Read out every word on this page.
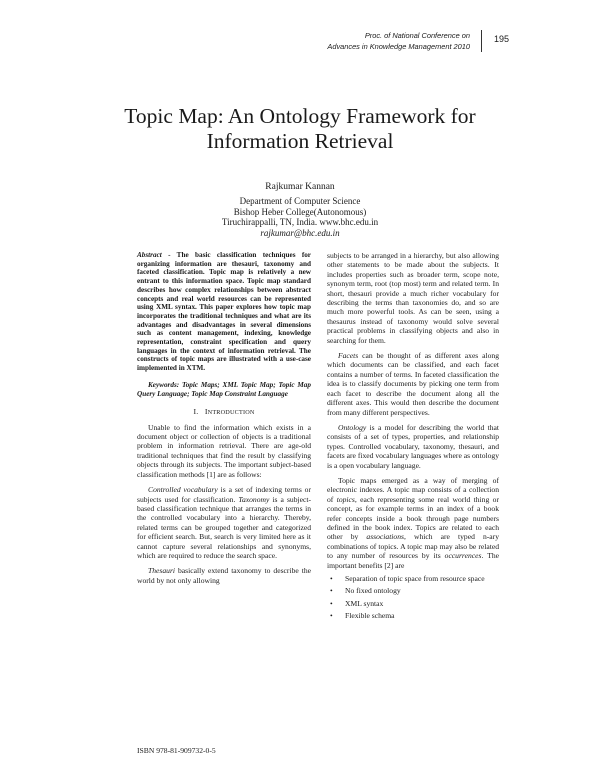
Proc. of National Conference on
Advances in Knowledge Management 2010
195
Topic Map: An Ontology Framework for
Information Retrieval
Rajkumar Kannan
Department of Computer Science
Bishop Heber College(Autonomous)
Tiruchirappalli, TN, India. www.bhc.edu.in
rajkumar@bhc.edu.in

Abstract - The basic classification techniques for organizing information are thesauri, taxonomy and faceted classification. Topic map is relatively a new entrant to this information space. Topic map standard describes how complex relationships between abstract concepts and real world resources can be represented using XML syntax. This paper explores how topic map incorporates the traditional techniques and what are its advantages and disadvantages in several dimensions such as content management, indexing, knowledge representation, constraint specification and query languages in the context of information retrieval. The constructs of topic maps are illustrated with a use-case implemented in XTM.

Keywords: Topic Maps; XML Topic Map; Topic Map Query Language; Topic Map Constraint Language

I. INTRODUCTION

Unable to find the information which exists in a document object or collection of objects is a traditional problem in information retrieval. There are age-old traditional techniques that find the result by classifying objects through its subjects. The important subject-based classification methods [1] are as follows:

Controlled vocabulary is a set of indexing terms or subjects used for classification. Taxonomy is a subject-based classification technique that arranges the terms in the controlled vocabulary into a hierarchy. Thereby, related terms can be grouped together and categorized for efficient search. But, search is very limited here as it cannot capture several relationships and synonyms, which are required to reduce the search space.

Thesauri basically extend taxonomy to describe the world by not only allowing

subjects to be arranged in a hierarchy, but also allowing other statements to be made about the subjects. It includes properties such as broader term, scope note, synonym term, root (top most) term and related term. In short, thesauri provide a much richer vocabulary for describing the terms than taxonomies do, and so are much more powerful tools. As can be seen, using a thesaurus instead of taxonomy would solve several practical problems in classifying objects and also in searching for them.

Facets can be thought of as different axes along which documents can be classified, and each facet contains a number of terms. In faceted classification the idea is to classify documents by picking one term from each facet to describe the document along all the different axes. This would then describe the document from many different perspectives.

Ontology is a model for describing the world that consists of a set of types, properties, and relationship types. Controlled vocabulary, taxonomy, thesauri, and facets are fixed vocabulary languages where as ontology is a open vocabulary language.

Topic maps emerged as a way of merging of electronic indexes. A topic map consists of a collection of topics, each representing some real world thing or concept, as for example terms in an index of a book refer concepts inside a book through page numbers defined in the book index. Topics are related to each other by associations, which are typed n-ary combinations of topics. A topic map may also be related to any number of resources by its occurrences. The important benefits [2] are

• Separation of topic space from resource space
• No fixed ontology
• XML syntax
• Flexible schema
ISBN 978-81-909732-0-5
